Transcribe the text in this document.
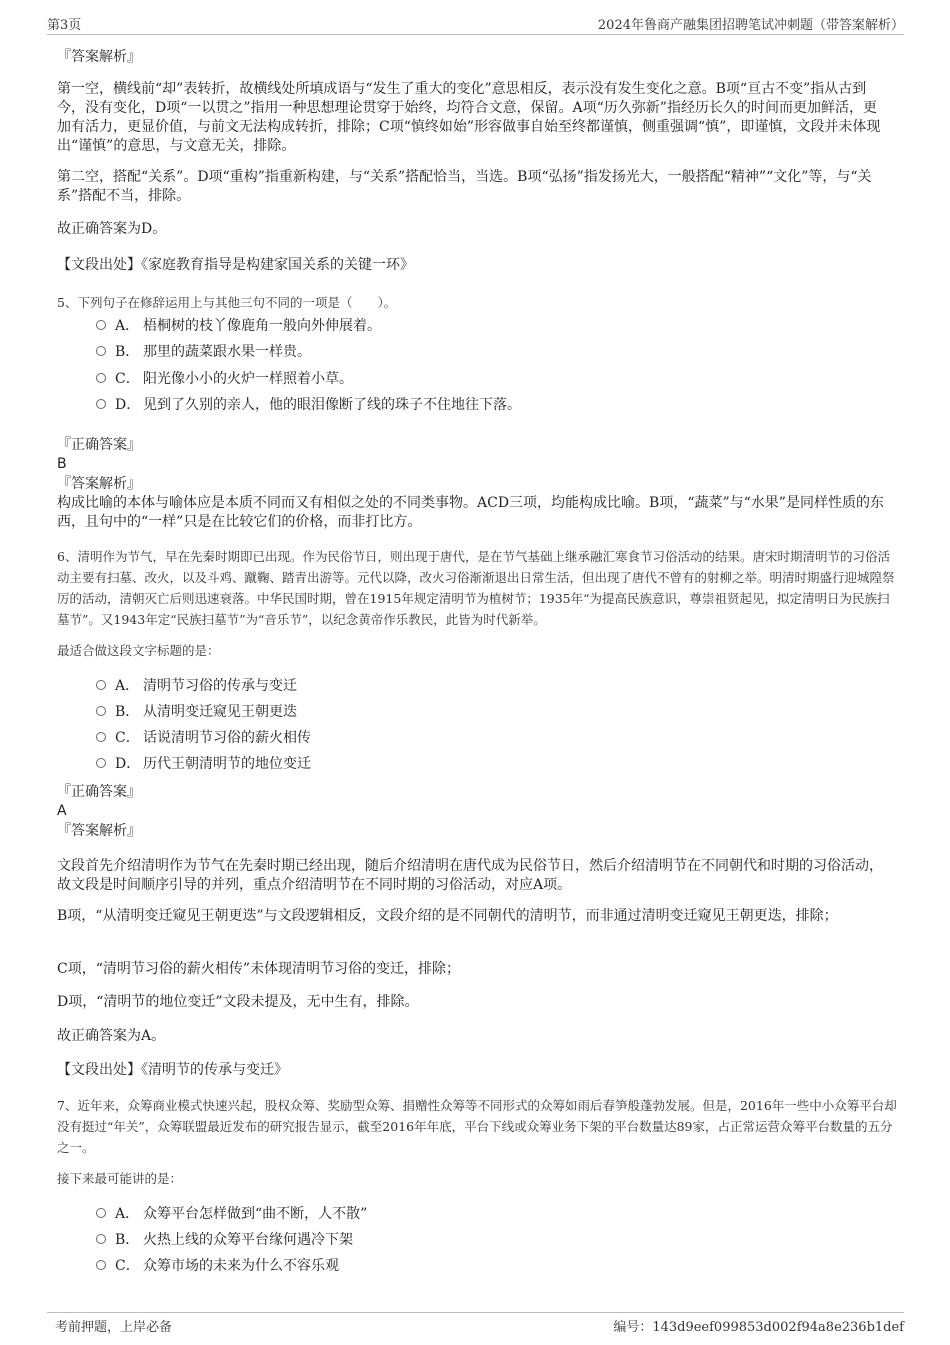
第3页	2024年鲁商产融集团招聘笔试冲刺题（带答案解析）

『答案解析』

第一空，横线前“却”表转折，故横线处所填成语与“发生了重大的变化”意思相反，表示没有发生变化之意。B项“亘古不变”指从古到今，没有变化，D项“一以贯之”指用一种思想理论贯穿于始终，均符合文意，保留。A项“历久弥新”指经历长久的时间而更加鲜活，更加有活力，更显价值，与前文无法构成转折，排除；C项“慎终如始”形容做事自始至终都谨慎，侧重强调“慎”，即谨慎，文段并未体现出“谨慎”的意思，与文意无关，排除。

第二空，搭配“关系”。D项“重构”指重新构建，与“关系”搭配恰当，当选。B项“弘扬”指发扬光大，一般搭配“精神”“文化”等，与“关系”搭配不当，排除。

故正确答案为D。

【文段出处】《家庭教育指导是构建家国关系的关键一环》

5、下列句子在修辞运用上与其他三句不同的一项是（　　）。

A． 梧桐树的枝丫像鹿角一般向外伸展着。
B． 那里的蔬菜跟水果一样贵。
C． 阳光像小小的火炉一样照着小草。
D． 见到了久别的亲人，他的眼泪像断了线的珠子不住地往下落。

『正确答案』

B

『答案解析』

构成比喻的本体与喻体应是本质不同而又有相似之处的不同类事物。ACD三项，均能构成比喻。B项，“蔬菜”与“水果”是同样性质的东西，且句中的“一样”只是在比较它们的价格，而非打比方。

6、清明作为节气，早在先秦时期即已出现。作为民俗节日，则出现于唐代，是在节气基础上继承融汇寒食节习俗活动的结果。唐宋时期清明节的习俗活动主要有扫墓、改火，以及斗鸡、蹴鞠、踏青出游等。元代以降，改火习俗渐渐退出日常生活，但出现了唐代不曾有的射柳之举。明清时期盛行迎城隍祭厉的活动，清朝灭亡后则迅速衰落。中华民国时期，曾在1915年规定清明节为植树节；1935年“为提高民族意识，尊崇祖贤起见，拟定清明日为民族扫墓节”。又1943年定“民族扫墓节”为“音乐节”，以纪念黄帝作乐教民，此皆为时代新举。

最适合做这段文字标题的是：

A． 清明节习俗的传承与变迁
B． 从清明变迁窥见王朝更迭
C． 话说清明节习俗的薪火相传
D． 历代王朝清明节的地位变迁

『正确答案』

A

『答案解析』

文段首先介绍清明作为节气在先秦时期已经出现，随后介绍清明在唐代成为民俗节日，然后介绍清明节在不同朝代和时期的习俗活动，故文段是时间顺序引导的并列，重点介绍清明节在不同时期的习俗活动，对应A项。

B项，“从清明变迁窥见王朝更迭”与文段逻辑相反，文段介绍的是不同朝代的清明节，而非通过清明变迁窥见王朝更迭，排除；

C项，“清明节习俗的薪火相传”未体现清明节习俗的变迁，排除；

D项，“清明节的地位变迁”文段未提及，无中生有，排除。

故正确答案为A。

【文段出处】《清明节的传承与变迁》

7、近年来，众筹商业模式快速兴起，股权众筹、奖励型众筹、捐赠性众筹等不同形式的众筹如雨后春笋般蓬勃发展。但是，2016年一些中小众筹平台却没有挺过“年关”，众筹联盟最近发布的研究报告显示，截至2016年年底，平台下线或众筹业务下架的平台数量达89家，占正常运营众筹平台数量的五分之一。

接下来最可能讲的是：

A． 众筹平台怎样做到“曲不断，人不散”
B． 火热上线的众筹平台缘何遇冷下架
C． 众筹市场的未来为什么不容乐观
考前押题，上岸必备	编号：143d9eef099853d002f94a8e236b1def
